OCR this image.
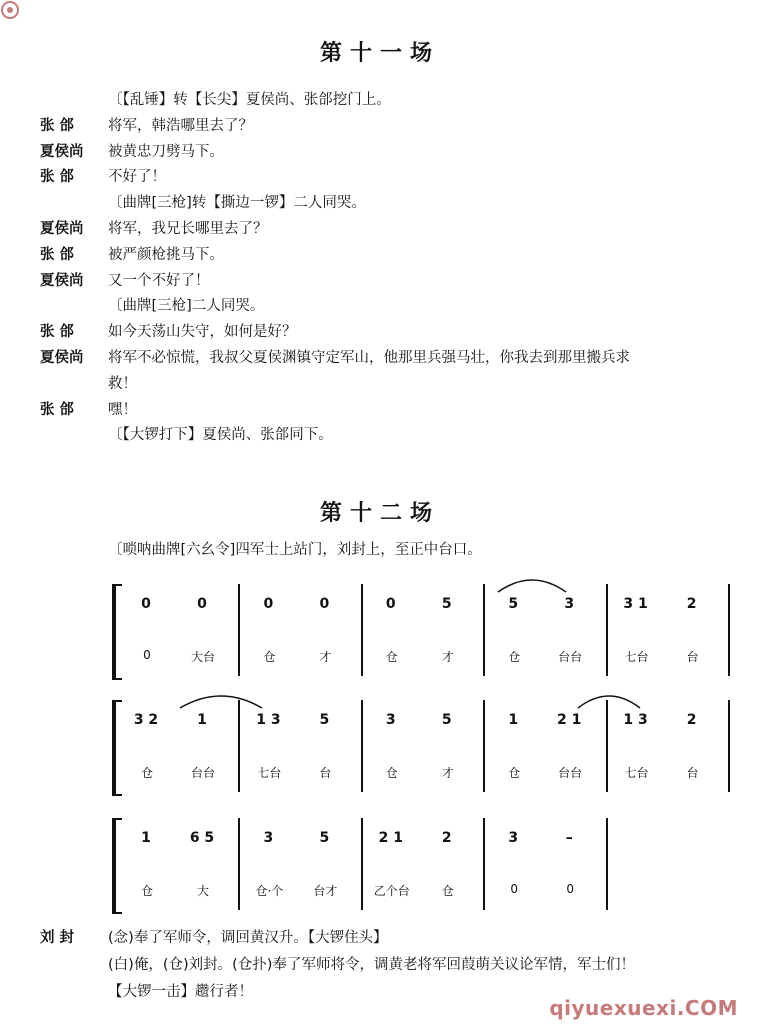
第十一场
〔【乱锤】转【长尖】夏侯尚、张郃挖门上。
张 郃 将军，韩浩哪里去了？
夏侯尚 被黄忠刀劈马下。
张 郃 不好了！
〔曲牌[三枪]转【撕边一锣】二人同哭。
夏侯尚 将军，我兄长哪里去了？
张 郃 被严颜枪挑马下。
夏侯尚 又一个不好了！
〔曲牌[三枪]二人同哭。
张 郃 如今天荡山失守，如何是好？
夏侯尚 将军不必惊慌，我叔父夏侯渊镇守定军山，他那里兵强马壮，你我去到那里搬兵求
救！
张 郃 嘿！
〔【大锣打下】夏侯尚、张郃同下。
第十二场
〔唢呐曲牌[六幺令]四军士上站门，刘封上，至正中台口。
0
0
0
大台
0
仓
0
才
0
仓
5
才
5
仓
3
台台
3 1
七台
2
台
3 2
仓
1
台台
1 3
七台
5
台
3
仓
5
才
1
仓
2 1
台台
1 3
七台
2
台
1
仓
6 5
大
3
仓·个
5
台才
2 1
乙个台
2
仓
3
0
–
0
刘 封 (念)奉了军师令，调回黄汉升。【大锣住头】
(白)俺，(仓)刘封。(仓扑)奉了军师将令，调黄老将军回葭萌关议论军情，军士们！
【大锣一击】趱行者！
qiyuexuexi.COM
